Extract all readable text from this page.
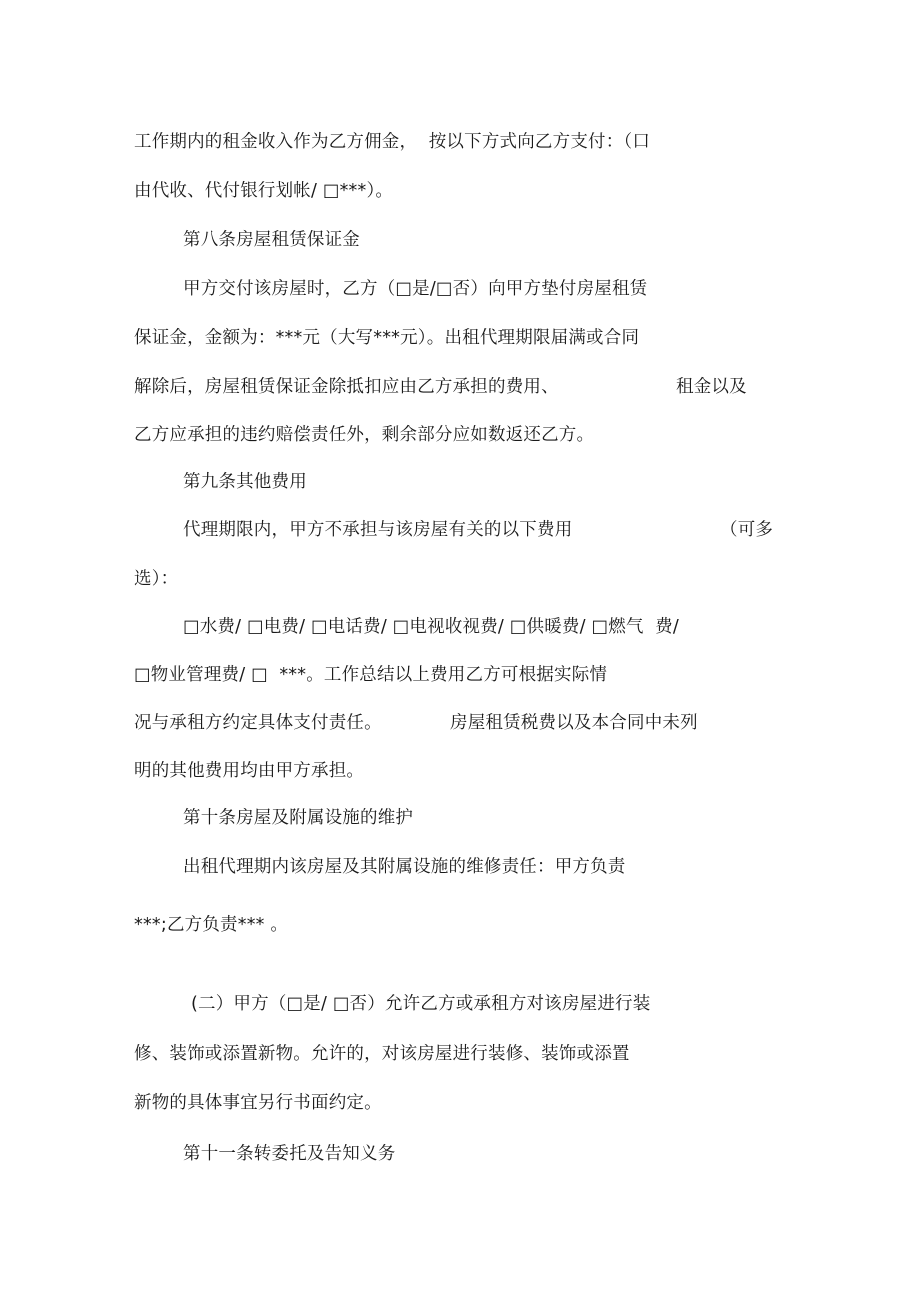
工作期内的租金收入作为乙方佣金，  按以下方式向乙方支付：（口
由代收、代付银行划帐/ □***）。
第八条房屋租赁保证金
甲方交付该房屋时，乙方（□是/□否）向甲方垫付房屋租赁
保证金，金额为：***元（大写***元）。出租代理期限届满或合同
解除后，房屋租赁保证金除抵扣应由乙方承担的费用、	租金以及
乙方应承担的违约赔偿责任外，剩余部分应如数返还乙方。
第九条其他费用
代理期限内，甲方不承担与该房屋有关的以下费用	（可多
选）：
□水费/ □电费/ □电话费/ □电视收视费/ □供暖费/ □燃气  费/
□物业管理费/ □  ***。工作总结以上费用乙方可根据实际情
况与承租方约定具体支付责任。	房屋租赁税费以及本合同中未列
明的其他费用均由甲方承担。
第十条房屋及附属设施的维护
出租代理期内该房屋及其附属设施的维修责任：甲方负责
***;乙方负责*** 。
(二）甲方（□是/ □否）允许乙方或承租方对该房屋进行装
修、装饰或添置新物。允许的，对该房屋进行装修、装饰或添置
新物的具体事宜另行书面约定。
第十一条转委托及告知义务
